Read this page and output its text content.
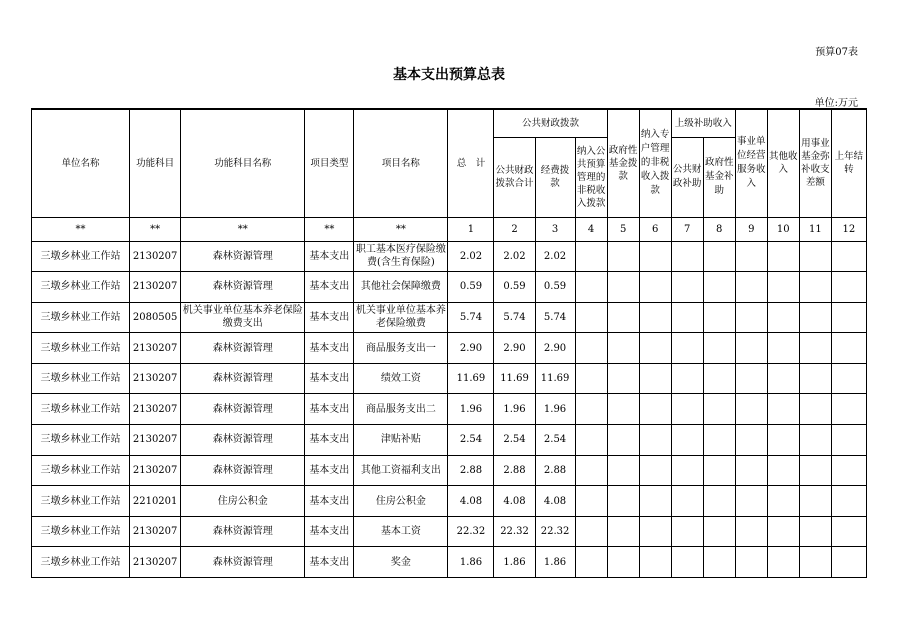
预算07表
基本支出预算总表
单位:万元
单位名称	功能科目	功能科目名称	项目类型	项目名称	总　计	公共财政拨款			政府性基金拨款	纳入专户管理的非税收入拨款	上级补助收入		事业单位经营服务收入	其他收入	用事业基金弥补收支差额	上年结转
						公共财政拨款合计	经费拨款	纳入公共预算管理的非税收入拨款			公共财政补助	政府性基金补助				

**	**	**	**	**	1	2	3	4	5	6	7	8	9	10	11	12
三墩乡林业工作站	2130207	森林资源管理	基本支出	职工基本医疗保险缴费(含生育保险)	2.02	2.02	2.02									
三墩乡林业工作站	2130207	森林资源管理	基本支出	其他社会保障缴费	0.59	0.59	0.59									
三墩乡林业工作站	2080505	机关事业单位基本养老保险缴费支出	基本支出	机关事业单位基本养老保险缴费	5.74	5.74	5.74									
三墩乡林业工作站	2130207	森林资源管理	基本支出	商品服务支出一	2.90	2.90	2.90									
三墩乡林业工作站	2130207	森林资源管理	基本支出	绩效工资	11.69	11.69	11.69									
三墩乡林业工作站	2130207	森林资源管理	基本支出	商品服务支出二	1.96	1.96	1.96									
三墩乡林业工作站	2130207	森林资源管理	基本支出	津贴补贴	2.54	2.54	2.54									
三墩乡林业工作站	2130207	森林资源管理	基本支出	其他工资福利支出	2.88	2.88	2.88									
三墩乡林业工作站	2210201	住房公积金	基本支出	住房公积金	4.08	4.08	4.08									
三墩乡林业工作站	2130207	森林资源管理	基本支出	基本工资	22.32	22.32	22.32									
三墩乡林业工作站	2130207	森林资源管理	基本支出	奖金	1.86	1.86	1.86									
